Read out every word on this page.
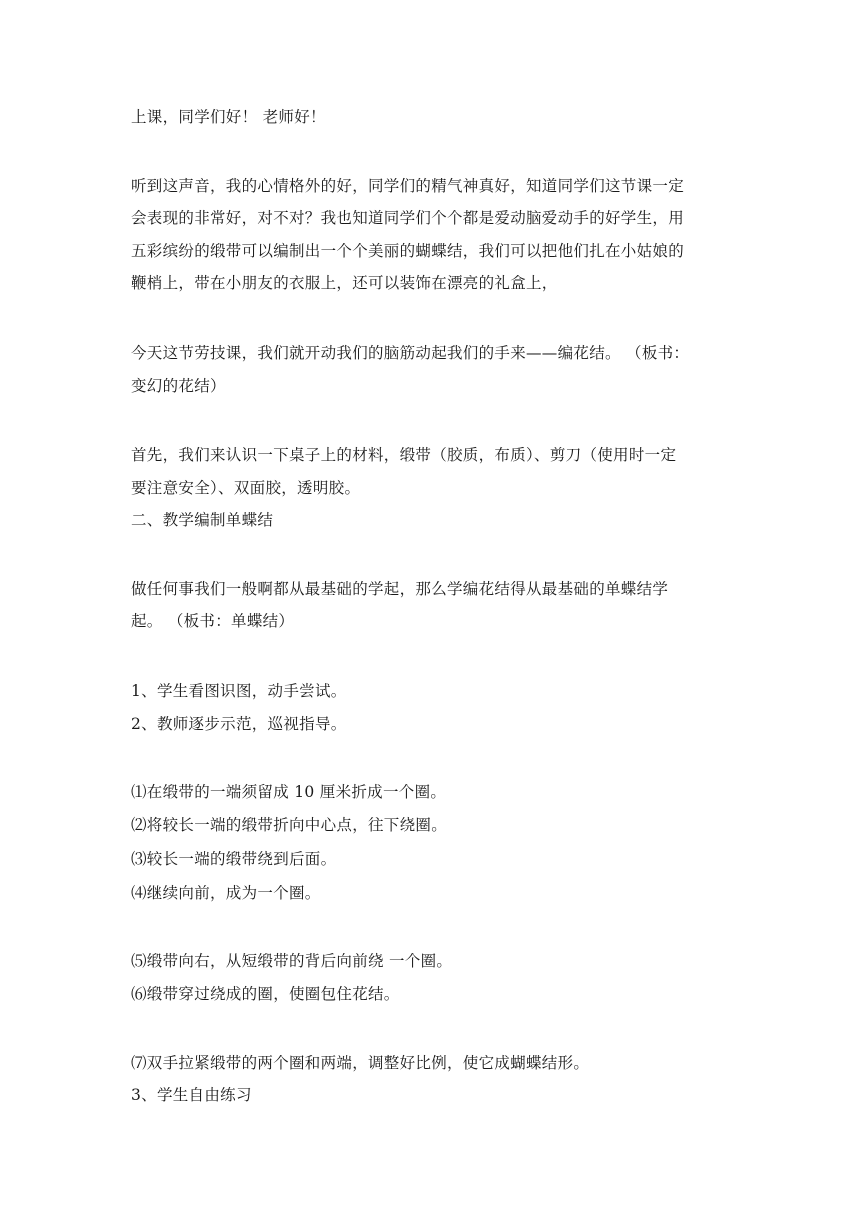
上课，同学们好！ 老师好！
听到这声音，我的心情格外的好，同学们的精气神真好，知道同学们这节课一定
会表现的非常好，对不对？我也知道同学们个个都是爱动脑爱动手的好学生，用
五彩缤纷的缎带可以编制出一个个美丽的蝴蝶结，我们可以把他们扎在小姑娘的
鞭梢上，带在小朋友的衣服上，还可以装饰在漂亮的礼盒上，
今天这节劳技课，我们就开动我们的脑筋动起我们的手来——编花结。 （板书：
变幻的花结）
首先，我们来认识一下桌子上的材料，缎带（胶质，布质）、剪刀（使用时一定
要注意安全）、双面胶，透明胶。
二、教学编制单蝶结
做任何事我们一般啊都从最基础的学起，那么学编花结得从最基础的单蝶结学
起。 （板书：单蝶结）
1、学生看图识图，动手尝试。
2、教师逐步示范，巡视指导。
⑴在缎带的一端须留成 10 厘米折成一个圈。
⑵将较长一端的缎带折向中心点，往下绕圈。
⑶较长一端的缎带绕到后面。
⑷继续向前，成为一个圈。
⑸缎带向右，从短缎带的背后向前绕 一个圈。
⑹缎带穿过绕成的圈，使圈包住花结。
⑺双手拉紧缎带的两个圈和两端，调整好比例，使它成蝴蝶结形。
3、学生自由练习
